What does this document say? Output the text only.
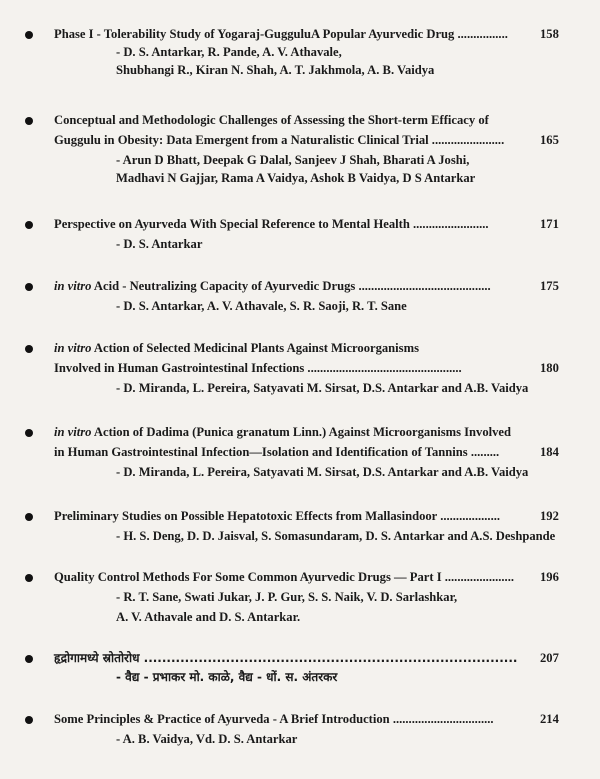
Phase I - Tolerability Study of Yogaraj-GugguluA Popular Ayurvedic Drug ................	158
- D. S. Antarkar, R. Pande, A. V. Athavale,
Shubhangi R., Kiran N. Shah, A. T. Jakhmola, A. B. Vaidya
Conceptual and Methodologic Challenges of Assessing the Short-term Efficacy of
Guggulu in Obesity: Data Emergent from a Naturalistic Clinical Trial .......................	165
- Arun D Bhatt, Deepak G Dalal, Sanjeev J Shah, Bharati A Joshi,
Madhavi N Gajjar, Rama A Vaidya, Ashok B Vaidya, D S Antarkar
Perspective on Ayurveda With Special Reference to Mental Health ........................	171
- D. S. Antarkar
in vitro Acid - Neutralizing Capacity of Ayurvedic Drugs ..........................................	175
- D. S. Antarkar, A. V. Athavale, S. R. Saoji, R. T. Sane
in vitro Action of Selected Medicinal Plants Against Microorganisms
Involved in Human Gastrointestinal Infections .................................................	180
- D. Miranda, L. Pereira, Satyavati M. Sirsat, D.S. Antarkar and A.B. Vaidya
in vitro Action of Dadima (Punica granatum Linn.) Against Microorganisms Involved
in Human Gastrointestinal Infection—Isolation and Identification of Tannins .........	184
- D. Miranda, L. Pereira, Satyavati M. Sirsat, D.S. Antarkar and A.B. Vaidya
Preliminary Studies on Possible Hepatotoxic Effects from Mallasindoor ...................	192
- H. S. Deng, D. D. Jaisval, S. Somasundaram, D. S. Antarkar and A.S. Deshpande
Quality Control Methods For Some Common Ayurvedic Drugs — Part I ...................... 196
- R. T. Sane, Swati Jukar, J. P. Gur, S. S. Naik, V. D. Sarlashkar,
A. V. Athavale and D. S. Antarkar.
हृद्रोगामध्ये स्रोतोरोध .................................................................................. 207
- वैद्य - प्रभाकर मो. काळे, वैद्य - धों. स. अंतरकर
Some Principles & Practice of Ayurveda - A Brief Introduction ................................	214
- A. B. Vaidya, Vd. D. S. Antarkar
